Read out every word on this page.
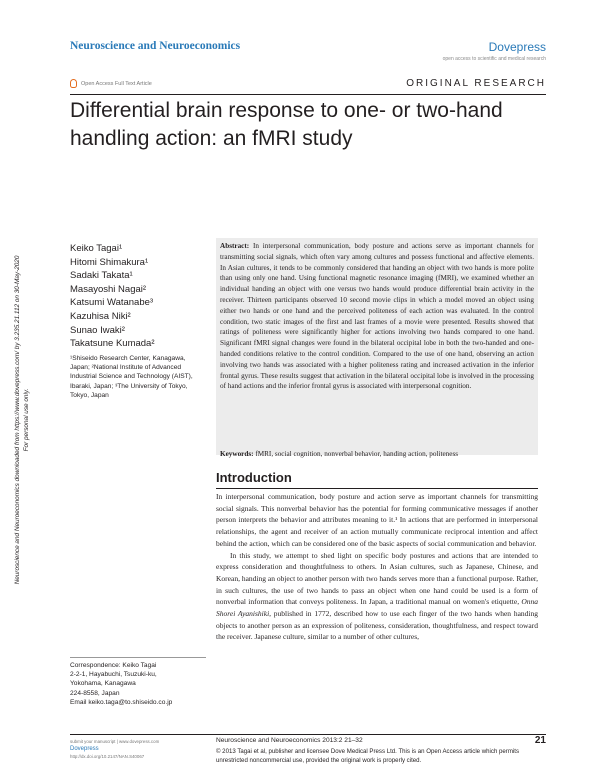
Neuroscience and Neuroeconomics	Dovepress
open access to scientific and medical research
Open Access Full Text Article	ORIGINAL RESEARCH
Differential brain response to one- or two-hand handling action: an fMRI study
Neuroscience and Neuroeconomics downloaded from https://www.dovepress.com/ by 3.235.21.112 on 30-May-2020 For personal use only.
Keiko Tagai¹
Hitomi Shimakura¹
Sadaki Takata¹
Masayoshi Nagai²
Katsumi Watanabe³
Kazuhisa Niki²
Sunao Iwaki²
Takatsune Kumada²
¹Shiseido Research Center, Kanagawa, Japan; ²National Institute of Advanced Industrial Science and Technology (AIST), Ibaraki, Japan; ³The University of Tokyo, Tokyo, Japan
Correspondence: Keiko Tagai
2-2-1, Hayabuchi, Tsuzuki-ku,
Yokohama, Kanagawa
224-8558, Japan
Email keiko.taga@to.shiseido.co.jp
Abstract: In interpersonal communication, body posture and actions serve as important channels for transmitting social signals, which often vary among cultures and possess functional and affective elements. In Asian cultures, it tends to be commonly considered that handing an object with two hands is more polite than using only one hand. Using functional magnetic resonance imaging (fMRI), we examined whether an individual handing an object with one versus two hands would produce differential brain activity in the receiver. Thirteen participants observed 10 second movie clips in which a model moved an object using either two hands or one hand and the perceived politeness of each action was evaluated. In the control condition, two static images of the first and last frames of a movie were presented. Results showed that ratings of politeness were significantly higher for actions involving two hands compared to one hand. Significant fMRI signal changes were found in the bilateral occipital lobe in both the two-handed and one-handed conditions relative to the control condition. Compared to the use of one hand, observing an action involving two hands was associated with a higher politeness rating and increased activation in the inferior frontal gyrus. These results suggest that activation in the bilateral occipital lobe is involved in the processing of hand actions and the inferior frontal gyrus is associated with interpersonal cognition.
Keywords: fMRI, social cognition, nonverbal behavior, handing action, politeness
Introduction

In interpersonal communication, body posture and action serve as important channels for transmitting social signals. This nonverbal behavior has the potential for forming communicative messages if another person interprets the behavior and attributes meaning to it.¹ In actions that are performed in interpersonal relationships, the agent and receiver of an action mutually communicate reciprocal intention and affect behind the action, which can be considered one of the basic aspects of social communication and behavior.

In this study, we attempt to shed light on specific body postures and actions that are intended to express consideration and thoughtfulness to others. In Asian cultures, such as Japanese, Chinese, and Korean, handing an object to another person with two hands serves more than a functional purpose. Rather, in such cultures, the use of two hands to pass an object when one hand could be used is a form of nonverbal information that conveys politeness. In Japan, a traditional manual on women's etiquette, Onna Shorei Ayanishiki, published in 1772, described how to use each finger of the two hands when handing objects to another person as an expression of politeness, consideration, thoughtfulness, and respect toward the receiver. Japanese culture, similar to a number of other cultures,

submit your manuscript | www.dovepress.com
Dovepress
http://dx.doi.org/10.2147/NAN.S40067
Neuroscience and Neuroeconomics 2013:2 21–32
© 2013 Tagai et al, publisher and licensee Dove Medical Press Ltd. This is an Open Access article which permits unrestricted noncommercial use, provided the original work is properly cited.
21
